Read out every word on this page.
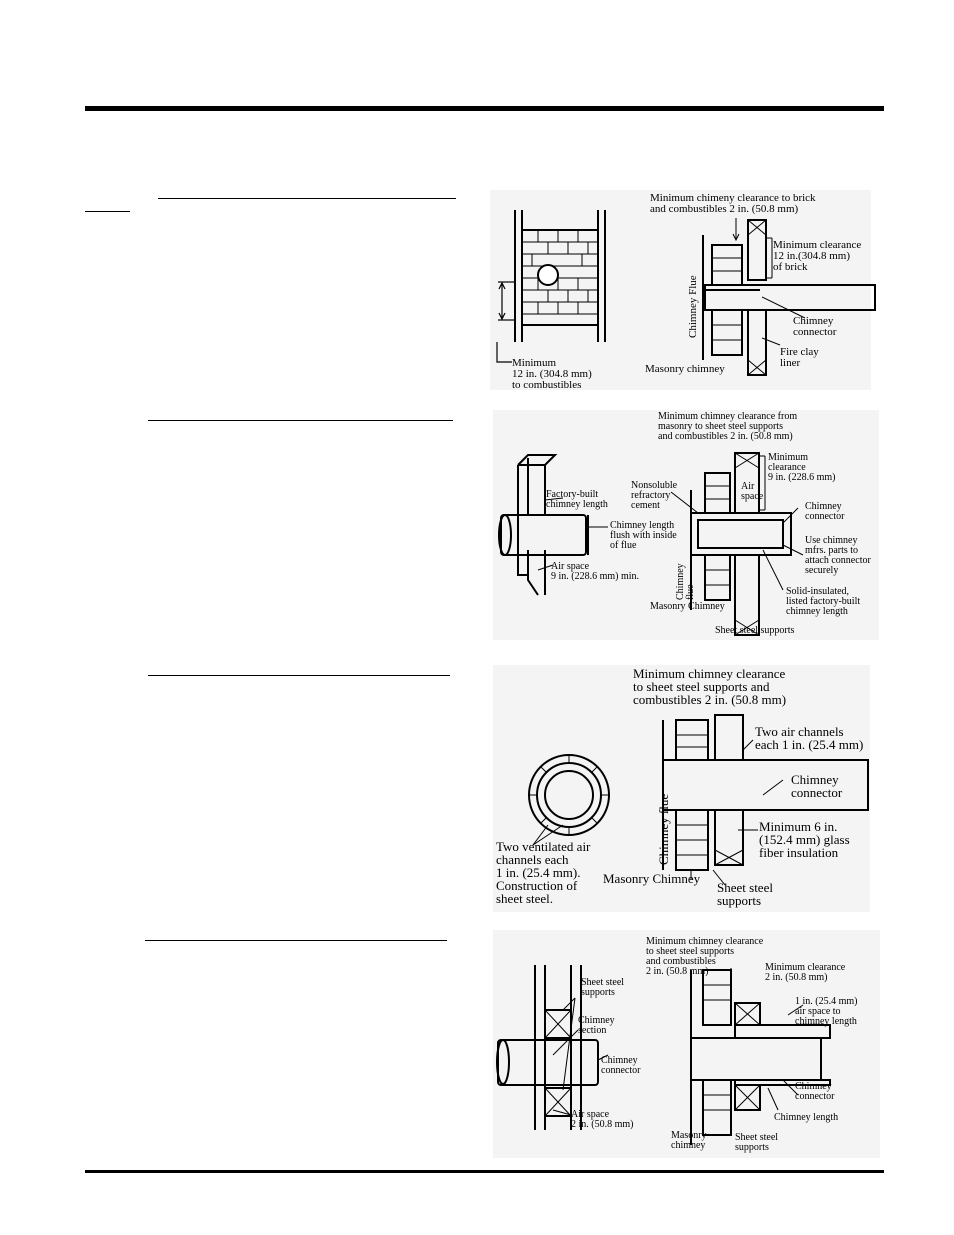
Minimum
12 in. (304.8 mm)
to combustibles
Minimum chimeny clearance to brick
and combustibles 2 in. (50.8 mm)
Minimum clearance
12 in.(304.8 mm)
of brick
Chimney Flue	Chimney
connector
Fire clay
liner
Masonry chimney
Factory-built
chimney length
Chimney length
flush with inside
of flue
Air space
9 in. (228.6 mm) min.
Minimum chimney clearance from
masonry to sheet steel supports
and combustibles 2 in. (50.8 mm)
Minimum
clearance
9 in. (228.6 mm)
Air
space
Nonsoluble
refractory
cement	Chimney
connector
Use chimney
mfrs. parts to
attach connector
securely
Chimney
flue	Solid-insulated,
listed factory-built
chimney length
Masonry Chimney
Sheet steel supports
Two ventilated air
channels each
1 in. (25.4 mm).
Construction of
sheet steel.
Minimum chimney clearance
to sheet steel supports and
combustibles 2 in. (50.8 mm)
Two air channels
each 1 in. (25.4 mm)
Chimney
connector
Minimum 6 in.
(152.4 mm) glass
fiber insulation
Chimney flue
Masonry Chimney
Sheet steel
supports
Sheet steel
supports
Chimney
section
Chimney
connector
Air space
2 in. (50.8 mm)
Minimum chimney clearance
to sheet steel supports
and combustibles
2 in. (50.8 mm)	Minimum clearance
2 in. (50.8 mm)
1 in. (25.4 mm)
air space to
chimney length
Chimney
connector
Chimney length
Masonry
chimney
Sheet steel
supports
